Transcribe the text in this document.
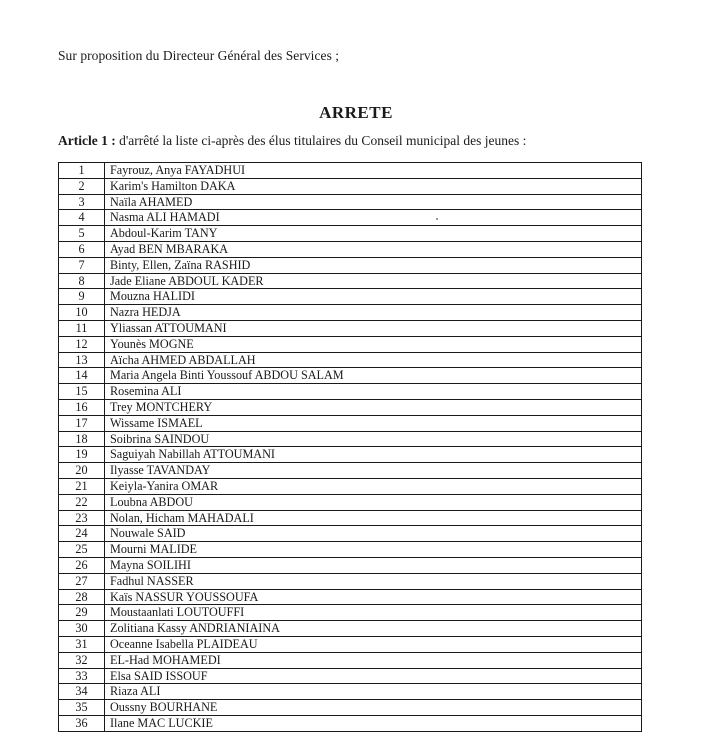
Sur proposition du Directeur Général des Services ;
ARRETE
Article 1 : d'arrêté la liste ci-après des élus titulaires du Conseil municipal des jeunes :
1	Fayrouz, Anya FAYADHUI
2	Karim's Hamilton DAKA
3	Naïla AHAMED
4	Nasma ALI HAMADI
5	Abdoul-Karim TANY
6	Ayad BEN MBARAKA
7	Binty, Ellen, Zaïna RASHID
8	Jade Eliane ABDOUL KADER
9	Mouzna HALIDI
10	Nazra HEDJA
11	Yliassan ATTOUMANI
12	Younès MOGNE
13	Aïcha AHMED ABDALLAH
14	Maria Angela Binti Youssouf ABDOU SALAM
15	Rosemina ALI
16	Trey MONTCHERY
17	Wissame ISMAEL
18	Soibrina SAINDOU
19	Saguiyah Nabillah ATTOUMANI
20	Ilyasse TAVANDAY
21	Keiyla-Yanira OMAR
22	Loubna ABDOU
23	Nolan, Hicham MAHADALI
24	Nouwale SAID
25	Mourni MALIDE
26	Mayna SOILIHI
27	Fadhul NASSER
28	Kaïs NASSUR YOUSSOUFA
29	Moustaanlati LOUTOUFFI
30	Zolitiana Kassy ANDRIANIAINA
31	Oceanne Isabella PLAIDEAU
32	EL-Had MOHAMEDI
33	Elsa SAID ISSOUF
34	Riaza ALI
35	Oussny BOURHANE
36	Ilane MAC LUCKIE
